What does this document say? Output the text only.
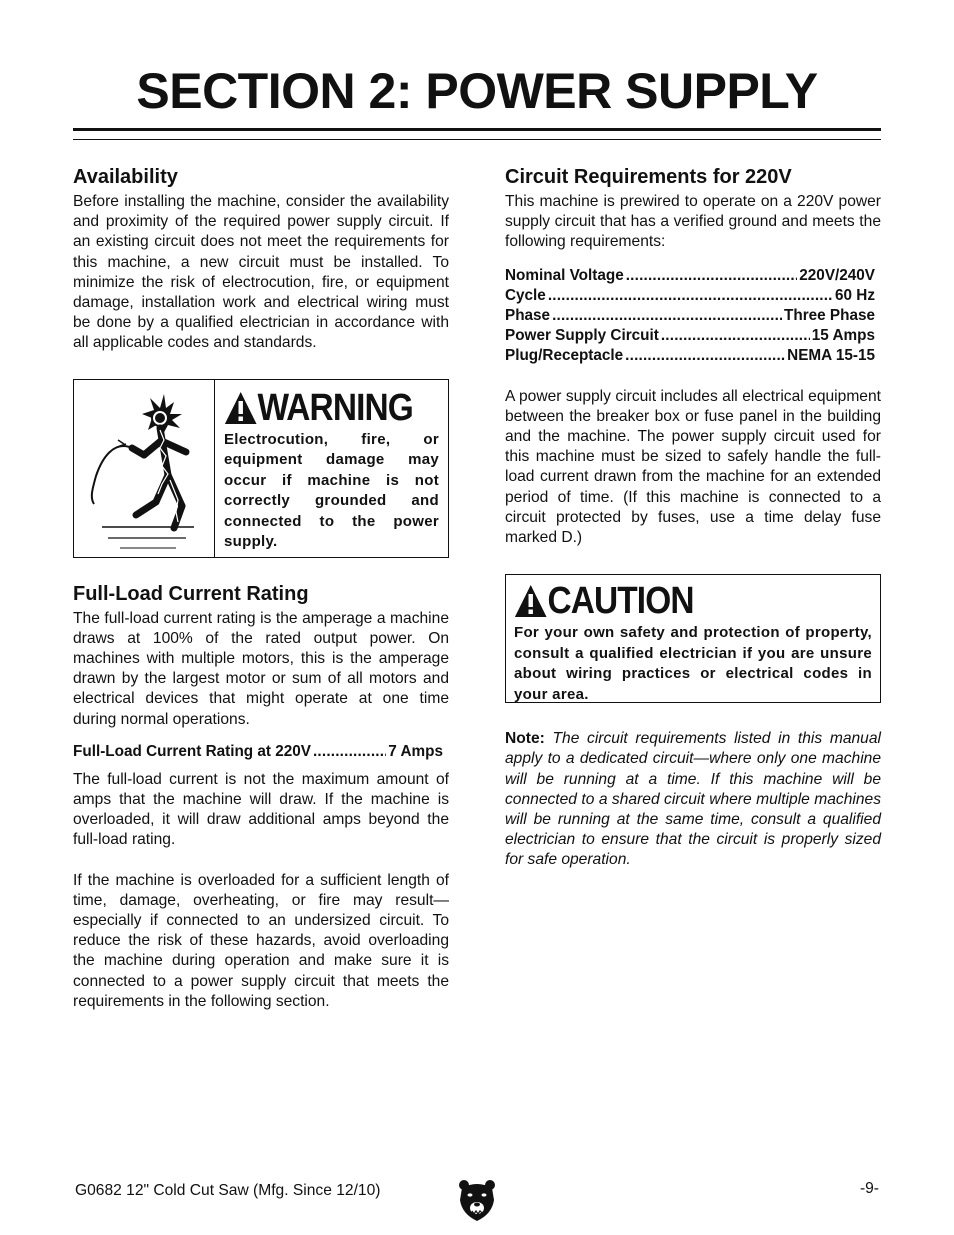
SECTION 2: POWER SUPPLY
Availability

Before installing the machine, consider the availability and proximity of the required power supply circuit. If an existing circuit does not meet the requirements for this machine, a new circuit must be installed. To minimize the risk of electrocution, fire, or equipment damage, installation work and electrical wiring must be done by a qualified electrician in accordance with all applicable codes and standards.

WARNING
Electrocution, fire, or equipment damage may occur if machine is not correctly grounded and connected to the power supply.
Full-Load Current Rating

The full-load current rating is the amperage a machine draws at 100% of the rated output power. On machines with multiple motors, this is the amperage drawn by the largest motor or sum of all motors and electrical devices that might operate at one time during normal operations.

Full-Load Current Rating at 220V .....	7 Amps

The full-load current is not the maximum amount of amps that the machine will draw. If the machine is overloaded, it will draw additional amps beyond the full-load rating.

If the machine is overloaded for a sufficient length of time, damage, overheating, or fire may result—especially if connected to an undersized circuit. To reduce the risk of these hazards, avoid overloading the machine during operation and make sure it is connected to a power supply circuit that meets the requirements in the following section.

Circuit Requirements for 220V

This machine is prewired to operate on a 220V power supply circuit that has a verified ground and meets the following requirements:

Nominal Voltage .....	220V/240V
Cycle .....	60 Hz
Phase .....	Three Phase
Power Supply Circuit .....	15 Amps
Plug/Receptacle .....	NEMA 15-15

A power supply circuit includes all electrical equipment between the breaker box or fuse panel in the building and the machine. The power supply circuit used for this machine must be sized to safely handle the full-load current drawn from the machine for an extended period of time. (If this machine is connected to a circuit protected by fuses, use a time delay fuse marked D.)

CAUTION
For your own safety and protection of property, consult a qualified electrician if you are unsure about wiring practices or electrical codes in your area.
Note: The circuit requirements listed in this manual apply to a dedicated circuit—where only one machine will be running at a time. If this machine will be connected to a shared circuit where multiple machines will be running at the same time, consult a qualified electrician to ensure that the circuit is properly sized for safe operation.
G0682 12" Cold Cut Saw (Mfg. Since 12/10)	-9-
